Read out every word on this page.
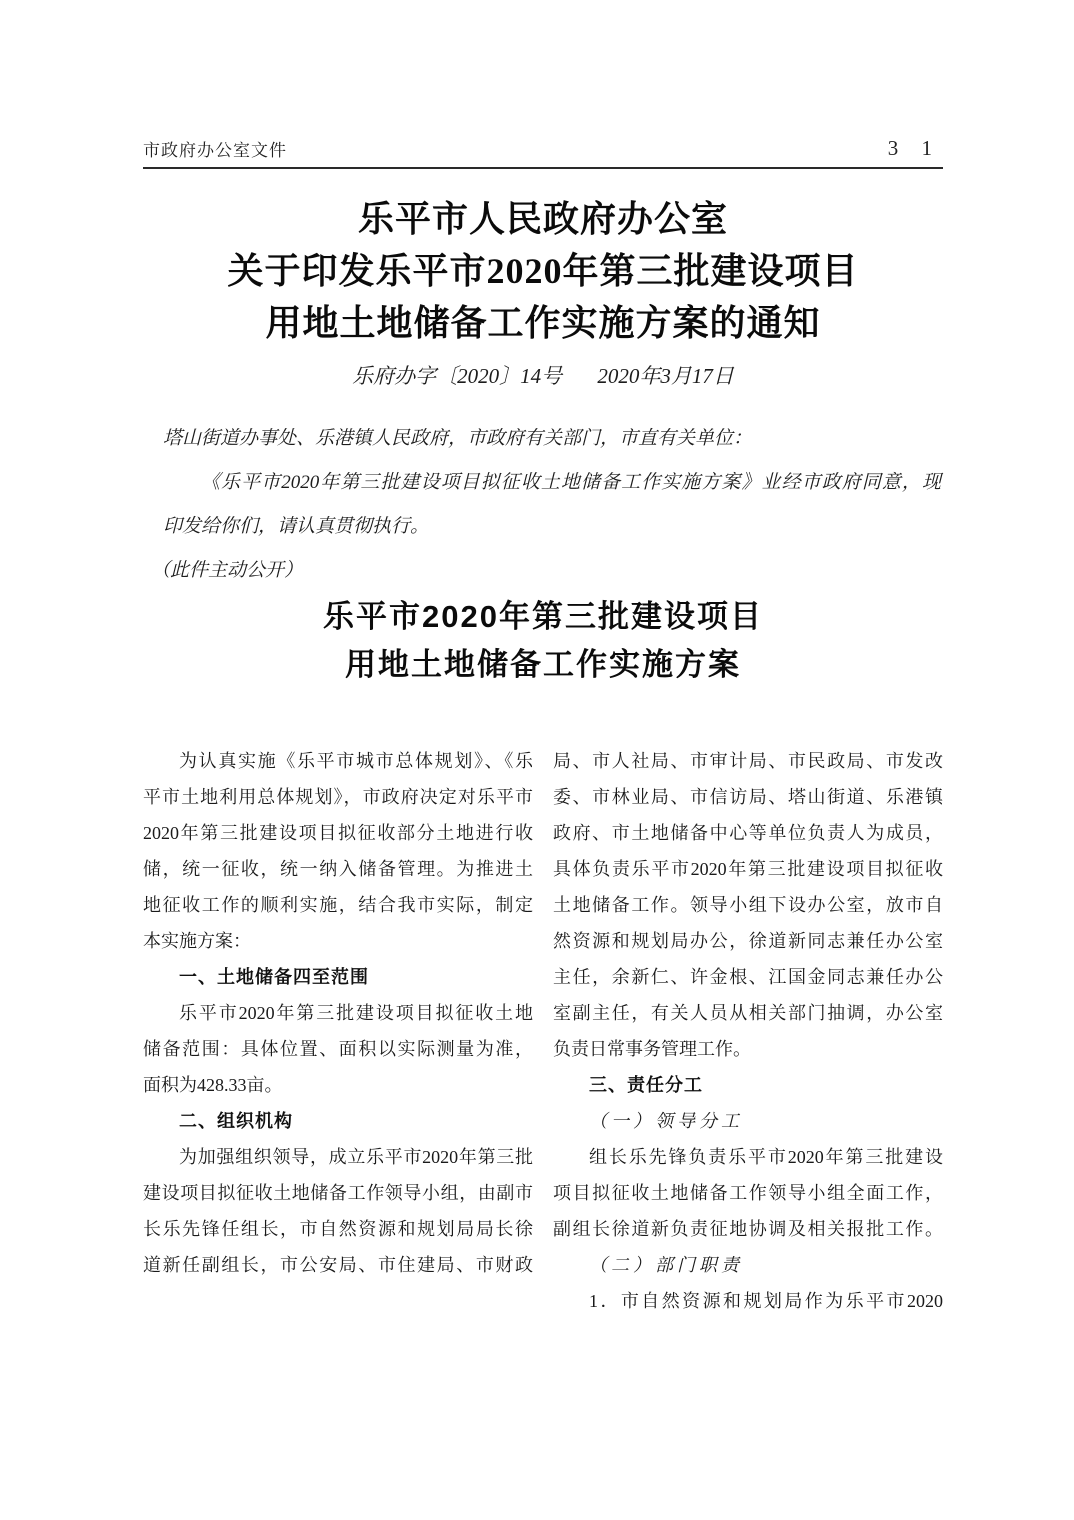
市政府办公室文件	3 1
乐平市人民政府办公室
关于印发乐平市2020年第三批建设项目
用地土地储备工作实施方案的通知
乐府办字〔2020〕14号 2020年3月17日
塔山街道办事处、乐港镇人民政府，市政府有关部门，市直有关单位：
《乐平市2020年第三批建设项目拟征收土地储备工作实施方案》业经市政府同意，现
印发给你们，请认真贯彻执行。
（此件主动公开）
乐平市2020年第三批建设项目
用地土地储备工作实施方案
为认真实施《乐平市城市总体规划》、《乐
平市土地利用总体规划》，市政府决定对乐平市
2020年第三批建设项目拟征收部分土地进行收
储，统一征收，统一纳入储备管理。为推进土
地征收工作的顺利实施，结合我市实际，制定
本实施方案：
一、土地储备四至范围
乐平市2020年第三批建设项目拟征收土地
储备范围：具体位置、面积以实际测量为准，
面积为428.33亩。
二、组织机构
为加强组织领导，成立乐平市2020年第三批
建设项目拟征收土地储备工作领导小组，由副市
长乐先锋任组长，市自然资源和规划局局长徐
道新任副组长，市公安局、市住建局、市财政
局、市人社局、市审计局、市民政局、市发改
委、市林业局、市信访局、塔山街道、乐港镇
政府、市土地储备中心等单位负责人为成员，
具体负责乐平市2020年第三批建设项目拟征收
土地储备工作。领导小组下设办公室，放市自
然资源和规划局办公，徐道新同志兼任办公室
主任，余新仁、许金根、江国金同志兼任办公
室副主任，有关人员从相关部门抽调，办公室
负责日常事务管理工作。
三、责任分工
（一）领导分工
组长乐先锋负责乐平市2020年第三批建设
项目拟征收土地储备工作领导小组全面工作，
副组长徐道新负责征地协调及相关报批工作。
（二）部门职责
1．市自然资源和规划局作为乐平市2020
